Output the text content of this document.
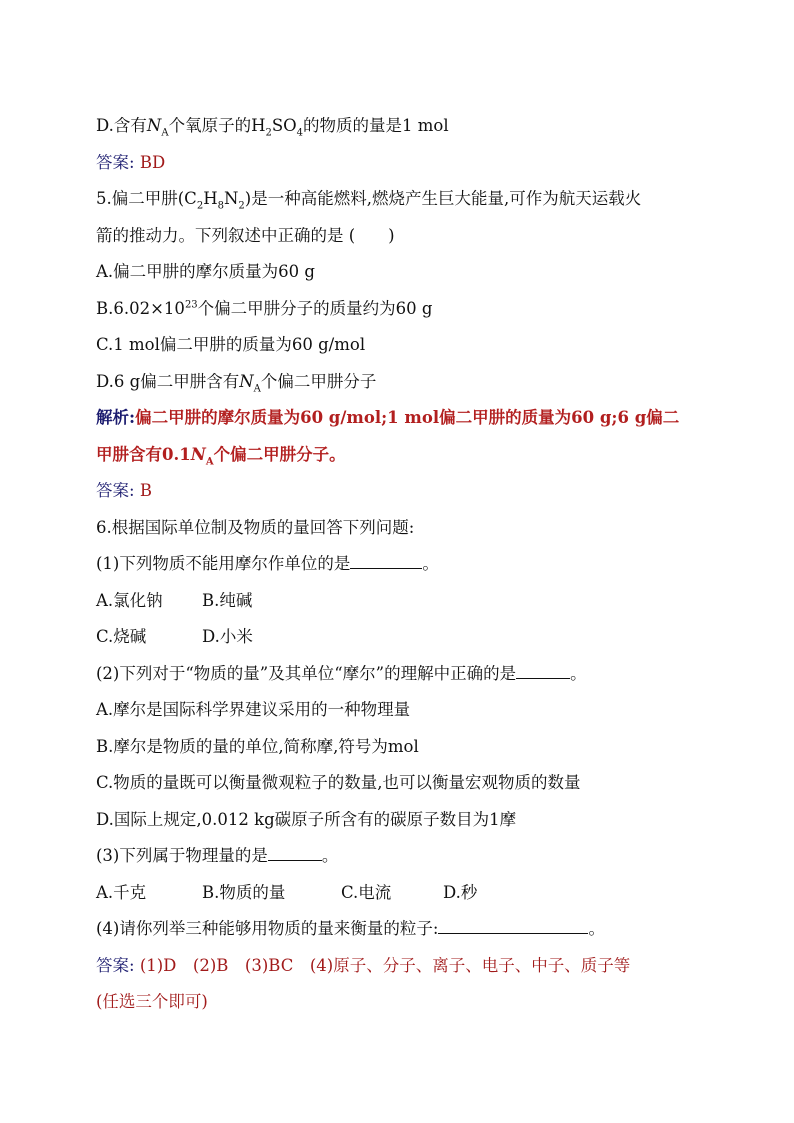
D.含有$N_A$个氧原子的$H_2SO_4$的物质的量是1 mol
答案: BD
5.偏二甲肼$(C_2H_8N_2)$是一种高能燃料,燃烧产生巨大能量,可作为航天运载火
箭的推动力。下列叙述中正确的是 (　　)
A.偏二甲肼的摩尔质量为60 g
$B.6.02\times 10^{23}$个偏二甲肼分子的质量约为60 g
C.1 mol偏二甲肼的质量为60 g/mol
D.6 g偏二甲肼含有$N_A$个偏二甲肼分子
解析:偏二甲肼的摩尔质量为60 g/mol;1 mol偏二甲肼的质量为60 g;6 g偏二
甲肼含有$0.1N_A$个偏二甲肼分子。
答案: B
6.根据国际单位制及物质的量回答下列问题:
(1)下列物质不能用摩尔作单位的是	。
A.氯化钠 B.纯碱
C.烧碱	D.小米
(2)下列对于“物质的量”及其单位“摩尔”的理解中正确的是	。
A.摩尔是国际科学界建议采用的一种物理量
B.摩尔是物质的量的单位,简称摩,符号为mol
C.物质的量既可以衡量微观粒子的数量,也可以衡量宏观物质的数量
D.国际上规定,0.012 kg碳原子所含有的碳原子数目为1摩
(3)下列属于物理量的是	。
A.千克	B.物质的量	C.电流	D.秒
(4)请你列举三种能够用物质的量来衡量的粒子:	。
答案: (1)D　(2)B　(3)BC　(4)原子、分子、离子、电子、中子、质子等
(任选三个即可)
